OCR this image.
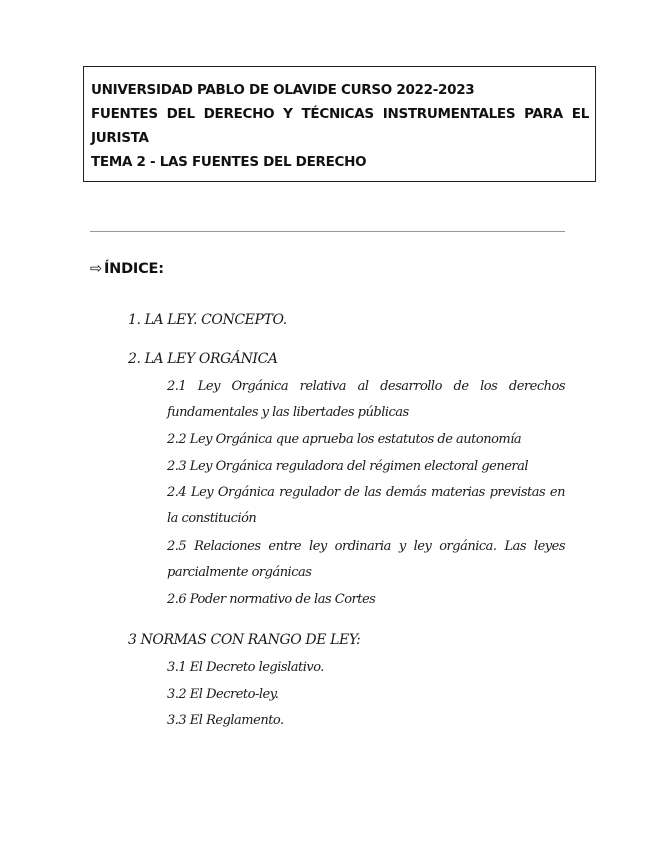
UNIVERSIDAD PABLO DE OLAVIDE CURSO 2022-2023
FUENTES DEL DERECHO Y TÉCNICAS INSTRUMENTALES PARA EL JURISTA
TEMA 2 - LAS FUENTES DEL DERECHO
⇨ ÍNDICE:
1. LA LEY. CONCEPTO.
2. LA LEY ORGÁNICA
2.1 Ley Orgánica relativa al desarrollo de los derechos fundamentales y las libertades públicas
2.2 Ley Orgánica que aprueba los estatutos de autonomía
2.3 Ley Orgánica reguladora del régimen electoral general
2.4 Ley Orgánica regulador de las demás materias previstas en la constitución
2.5 Relaciones entre ley ordinaria y ley orgánica. Las leyes parcialmente orgánicas
2.6 Poder normativo de las Cortes
3 NORMAS CON RANGO DE LEY:
3.1 El Decreto legislativo.
3.2 El Decreto-ley.
3.3 El Reglamento.
